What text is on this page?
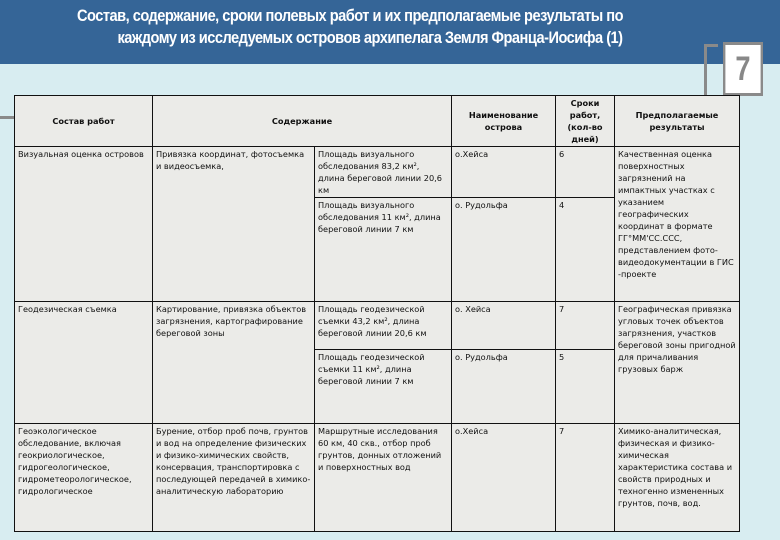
Состав, содержание, сроки полевых работ и их предполагаемые результаты по
каждому из исследуемых островов архипелага Земля Франца-Иосифа (1)
7
Состав работ	Содержание		Наименование острова	Сроки работ, (кол-во дней)	Предполагаемые результаты
Визуальная оценка островов	Привязка координат, фотосъемка и видеосъемка,	Площадь визуального обследования 83,2 км², длина береговой линии 20,6 км	о.Хейса	6	Качественная оценка поверхностных загрязнений на импактных участках с указанием географических координат в формате ГГ°ММ'СС.ССС, представлением фото-видеодокументации в ГИС -проекте
		Площадь визуального обследования 11 км², длина береговой линии 7 км	о. Рудольфа	4	
Геодезическая съемка	Картирование, привязка объектов загрязнения, картографирование береговой зоны	Площадь геодезической съемки 43,2 км², длина береговой линии 20,6 км	о. Хейса	7	Географическая привязка угловых точек объектов загрязнения, участков береговой зоны пригодной для причаливания грузовых барж
		Площадь геодезической съемки 11 км², длина береговой линии 7 км	о. Рудольфа	5	
Геоэкологическое обследование, включая геокриологическое, гидрогеологическое, гидрометеорологическое, гидрологическое	Бурение, отбор проб почв, грунтов и вод на определение физических и физико-химических свойств, консервация, транспортировка с последующей передачей в химико-аналитическую лабораторию	Маршрутные исследования 60 км, 40 скв., отбор проб грунтов, донных отложений и поверхностных вод	о.Хейса	7	Химико-аналитическая, физическая и физико-химическая характеристика состава и свойств природных и техногенно измененных грунтов, почв, вод.
